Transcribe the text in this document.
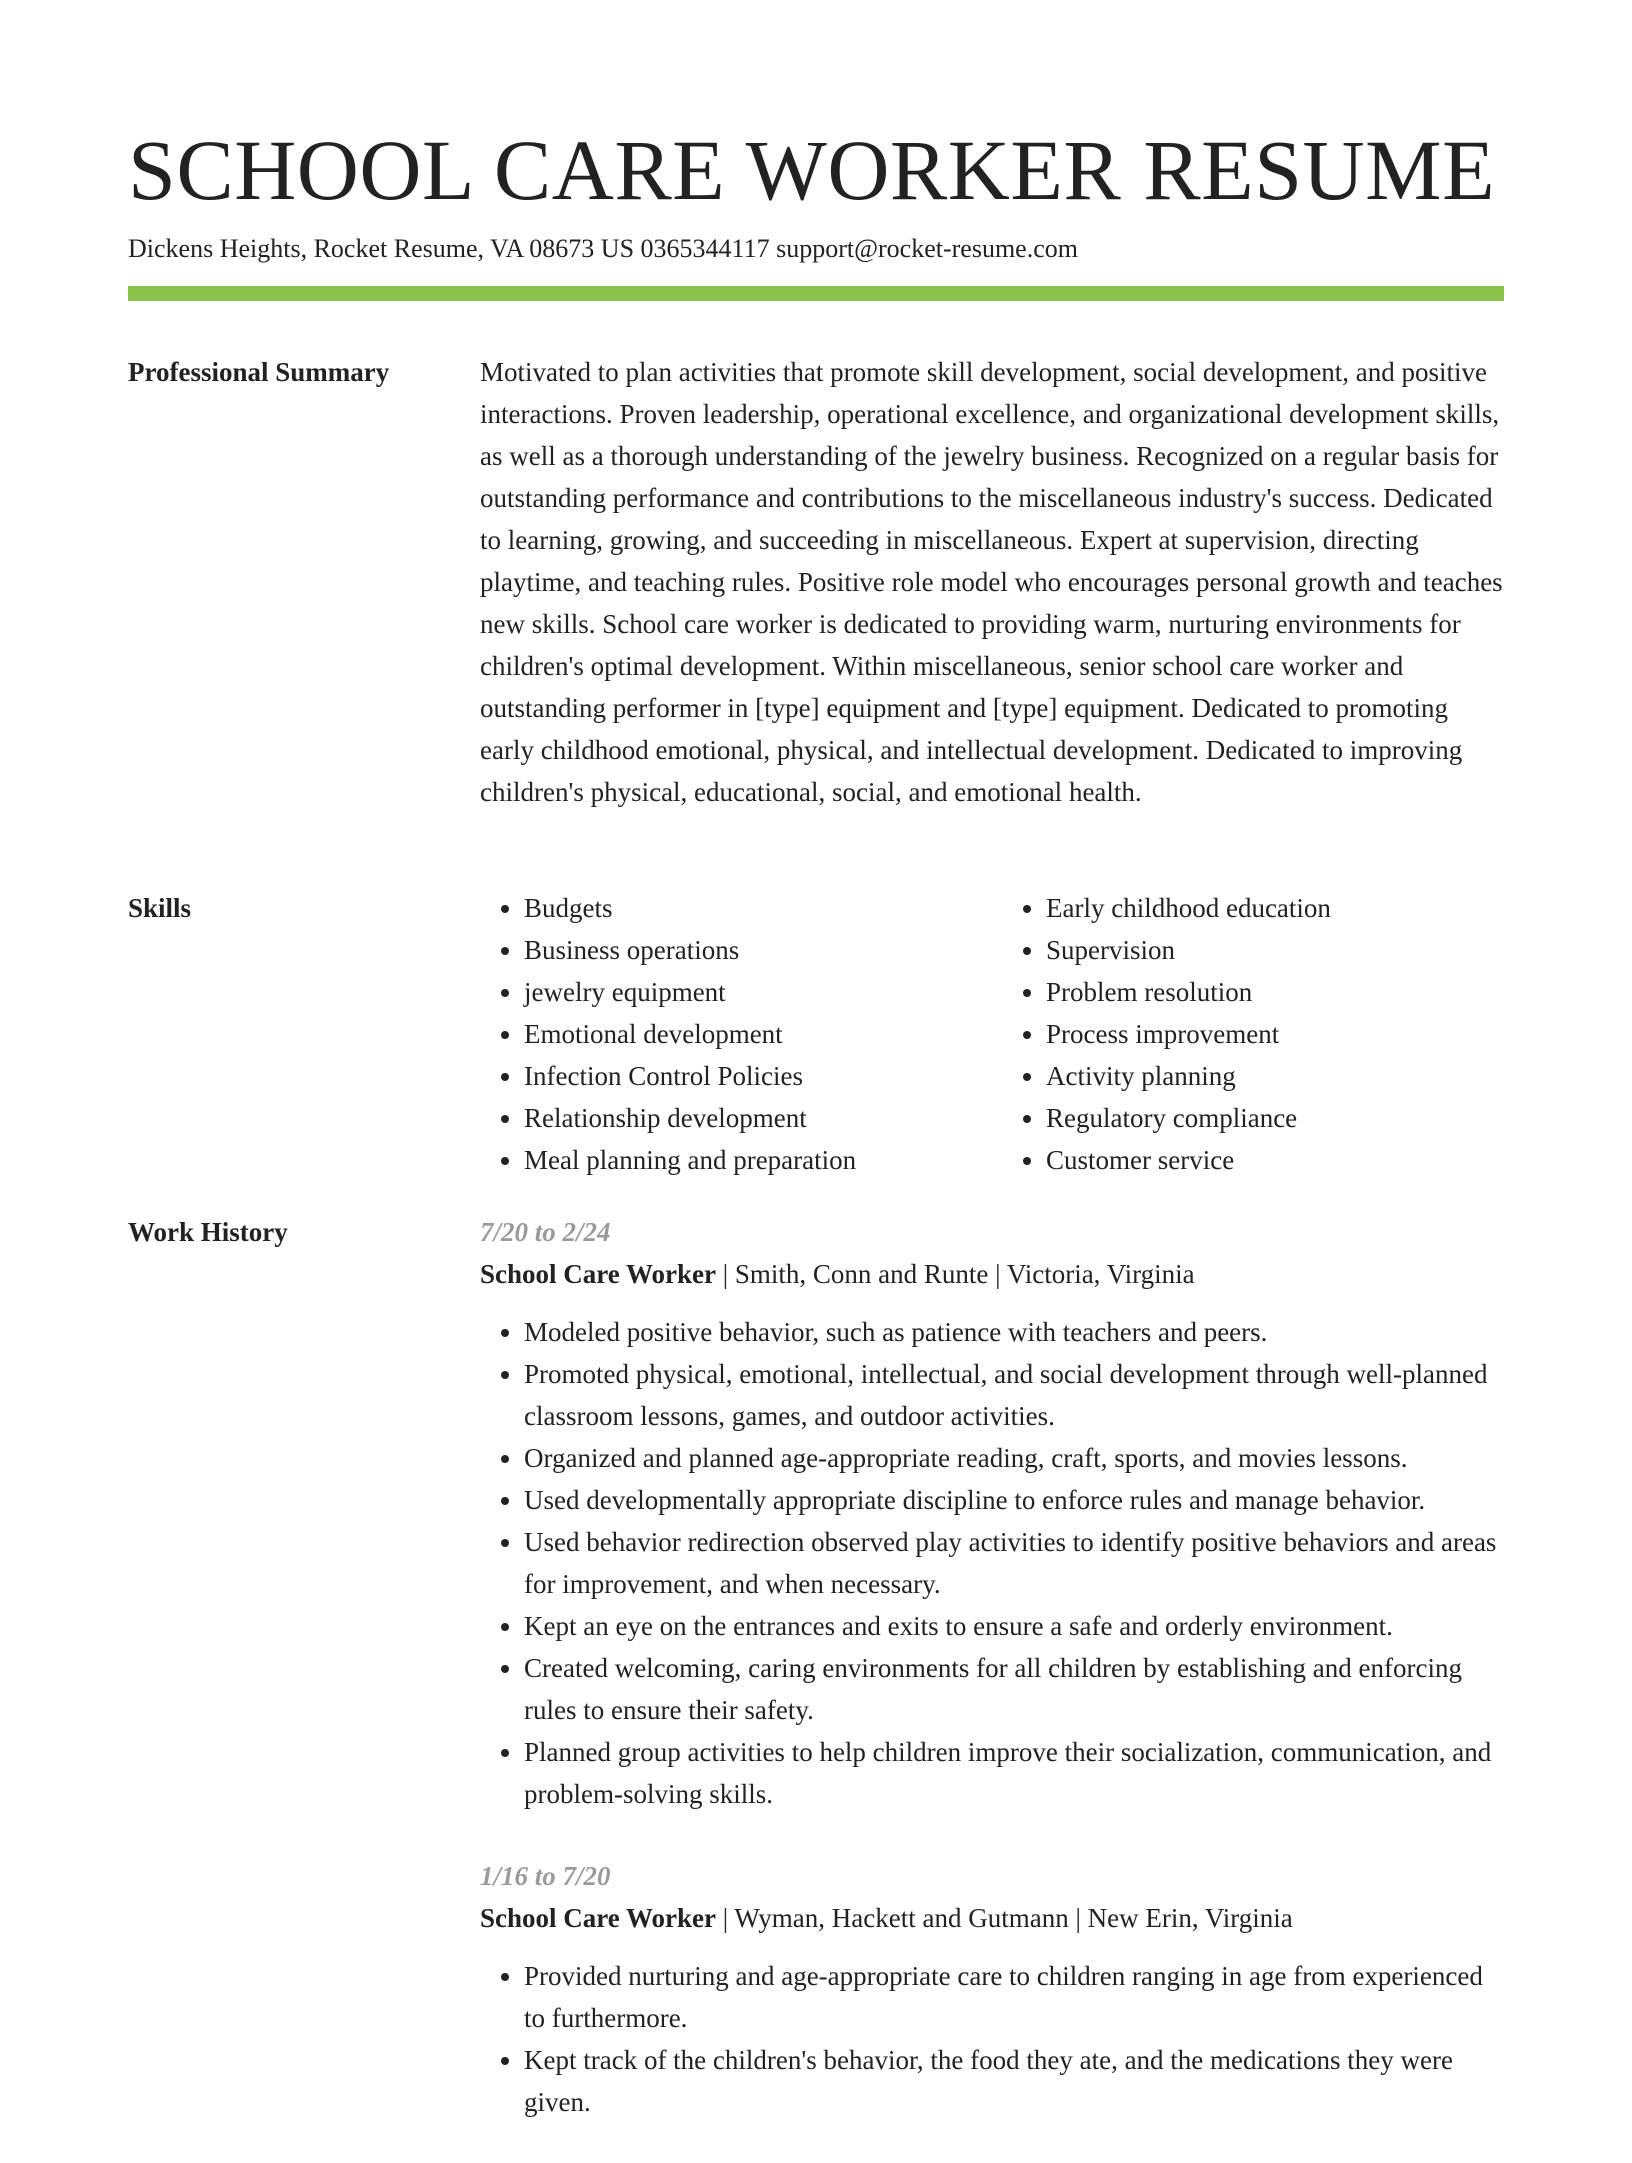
SCHOOL CARE WORKER RESUME
Dickens Heights, Rocket Resume, VA 08673 US 0365344117 support@rocket-resume.com
Professional Summary	Motivated to plan activities that promote skill development, social development, and positive interactions. Proven leadership, operational excellence, and organizational development skills, as well as a thorough understanding of the jewelry business. Recognized on a regular basis for outstanding performance and contributions to the miscellaneous industry's success. Dedicated to learning, growing, and succeeding in miscellaneous. Expert at supervision, directing playtime, and teaching rules. Positive role model who encourages personal growth and teaches new skills. School care worker is dedicated to providing warm, nurturing environments for children's optimal development. Within miscellaneous, senior school care worker and outstanding performer in [type] equipment and [type] equipment. Dedicated to promoting early childhood emotional, physical, and intellectual development. Dedicated to improving children's physical, educational, social, and emotional health.

Skills
•	Budgets
• Business operations
• jewelry equipment
• Emotional development
• Infection Control Policies
• Relationship development
• Meal planning and preparation
• Early childhood education
• Supervision
• Problem resolution
• Process improvement
• Activity planning
• Regulatory compliance
• Customer service
Work History	7/20 to 2/24
School Care Worker | Smith, Conn and Runte | Victoria, Virginia
• Modeled positive behavior, such as patience with teachers and peers.
• Promoted physical, emotional, intellectual, and social development through well-planned classroom lessons, games, and outdoor activities.
• Organized and planned age-appropriate reading, craft, sports, and movies lessons.
• Used developmentally appropriate discipline to enforce rules and manage behavior.
• Used behavior redirection observed play activities to identify positive behaviors and areas for improvement, and when necessary.
• Kept an eye on the entrances and exits to ensure a safe and orderly environment.
• Created welcoming, caring environments for all children by establishing and enforcing rules to ensure their safety.
• Planned group activities to help children improve their socialization, communication, and problem-solving skills.
1/16 to 7/20
School Care Worker | Wyman, Hackett and Gutmann | New Erin, Virginia
• Provided nurturing and age-appropriate care to children ranging in age from experienced to furthermore.
• Kept track of the children's behavior, the food they ate, and the medications they were given.
